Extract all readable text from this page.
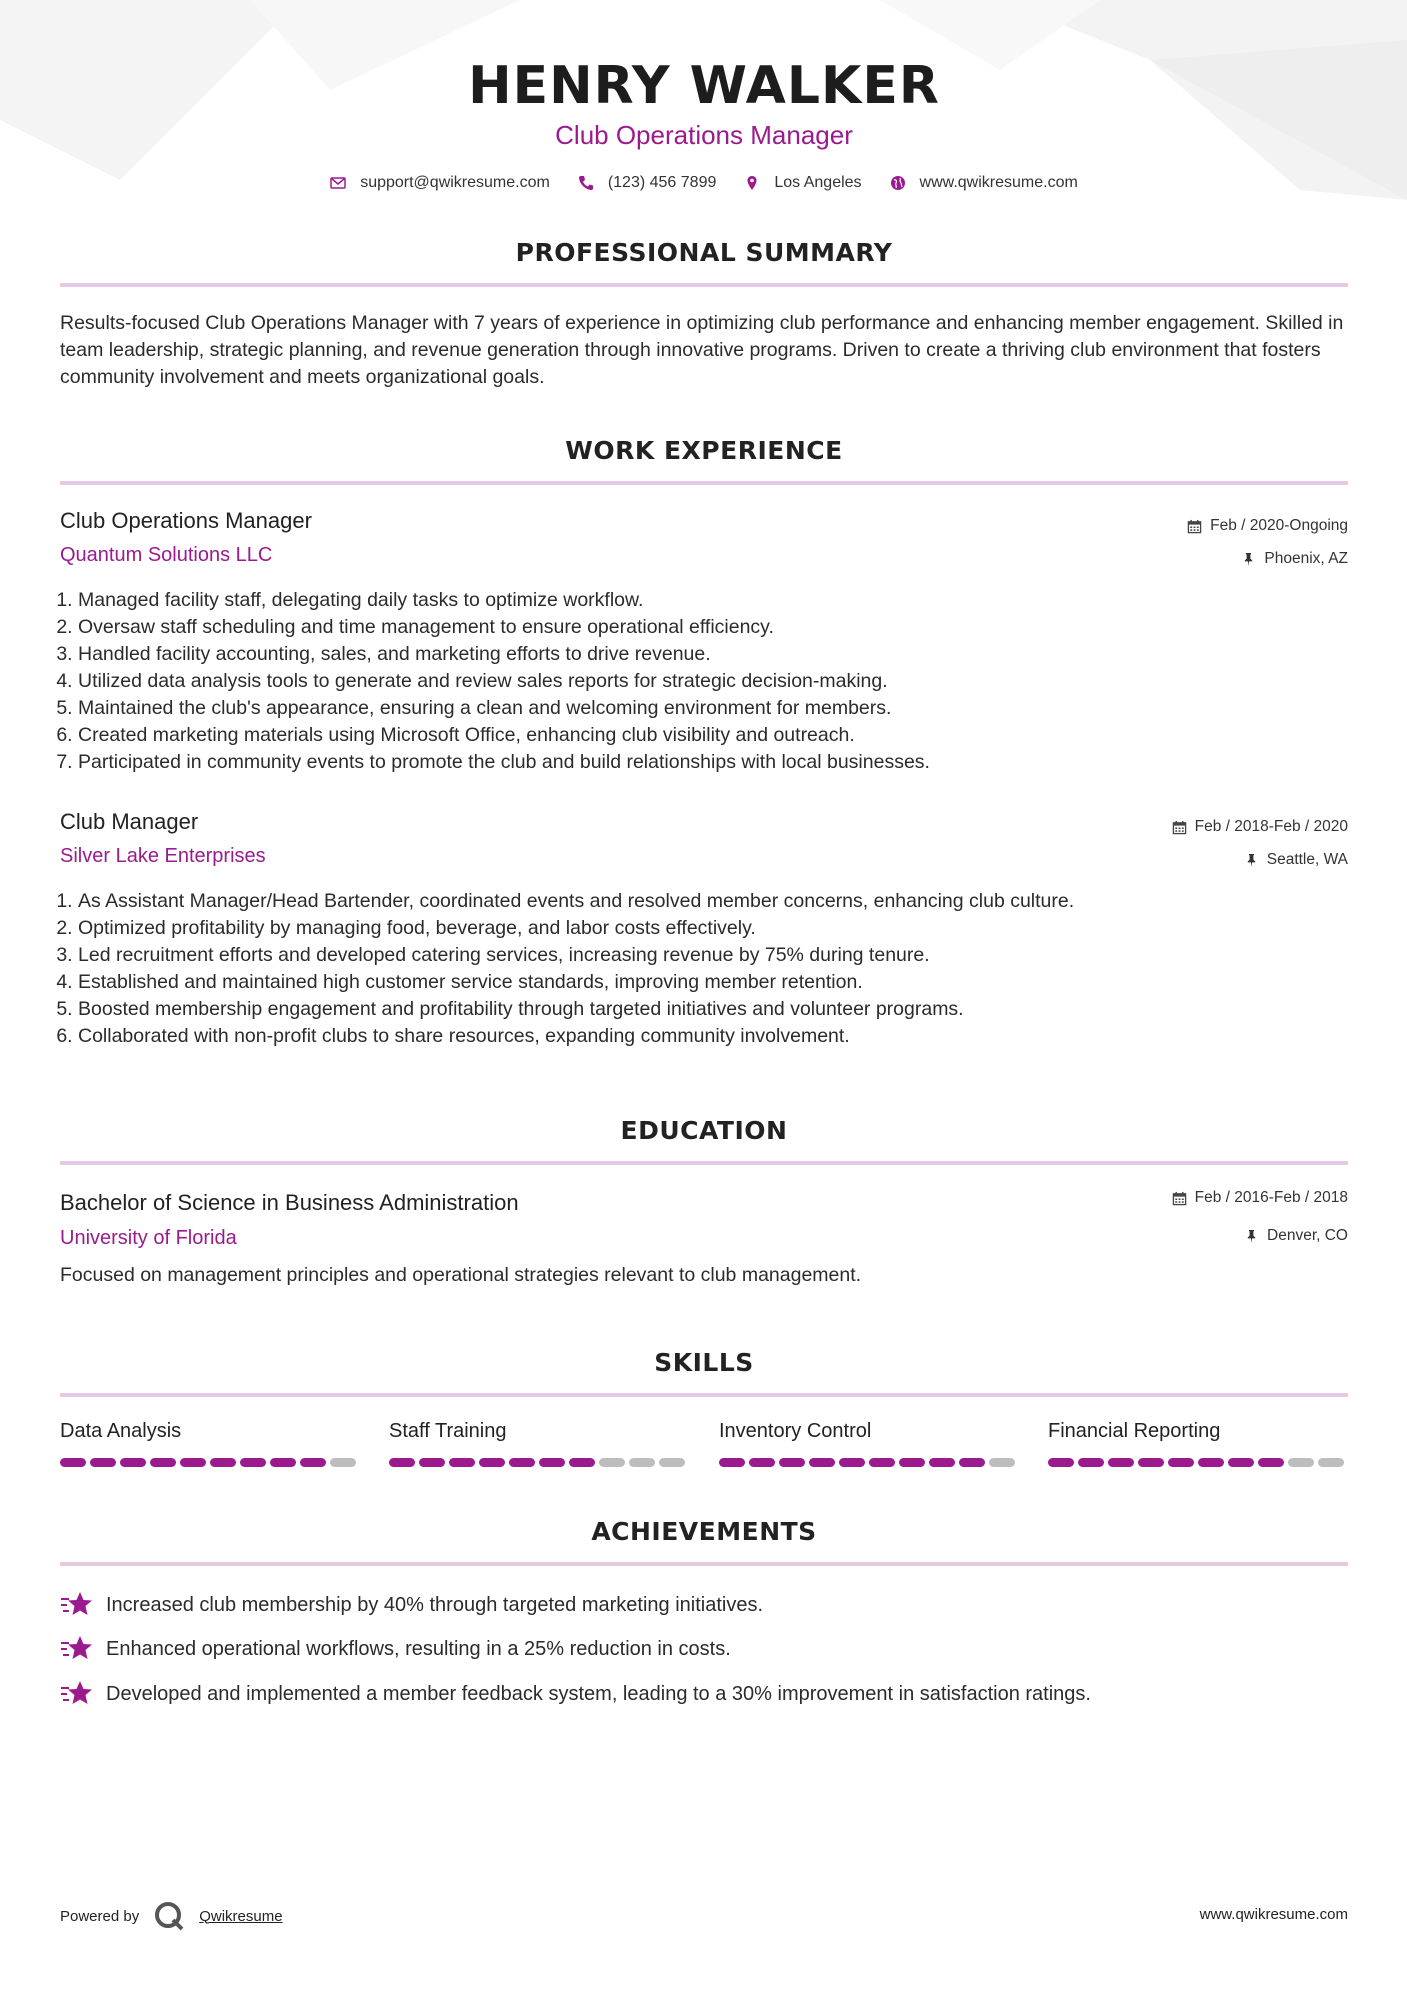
HENRY WALKER
Club Operations Manager
support@qwikresume.com	(123) 456 7899	Los Angeles	www.qwikresume.com
PROFESSIONAL SUMMARY

Results-focused Club Operations Manager with 7 years of experience in optimizing club performance and enhancing member engagement. Skilled in team leadership, strategic planning, and revenue generation through innovative programs. Driven to create a thriving club environment that fosters community involvement and meets organizational goals.

WORK EXPERIENCE
Club Operations Manager	Feb / 2020-Ongoing
Quantum Solutions LLC	Phoenix, AZ
1. Managed facility staff, delegating daily tasks to optimize workflow.
2. Oversaw staff scheduling and time management to ensure operational efficiency.
3. Handled facility accounting, sales, and marketing efforts to drive revenue.
4. Utilized data analysis tools to generate and review sales reports for strategic decision-making.
5. Maintained the club's appearance, ensuring a clean and welcoming environment for members.
6. Created marketing materials using Microsoft Office, enhancing club visibility and outreach.
7. Participated in community events to promote the club and build relationships with local businesses.
Club Manager	Feb / 2018-Feb / 2020
Silver Lake Enterprises	Seattle, WA
1. As Assistant Manager/Head Bartender, coordinated events and resolved member concerns, enhancing club culture.
2. Optimized profitability by managing food, beverage, and labor costs effectively.
3. Led recruitment efforts and developed catering services, increasing revenue by 75% during tenure.
4. Established and maintained high customer service standards, improving member retention.
5. Boosted membership engagement and profitability through targeted initiatives and volunteer programs.
6. Collaborated with non-profit clubs to share resources, expanding community involvement.
EDUCATION
Bachelor of Science in Business Administration	Feb / 2016-Feb / 2018
University of Florida	Denver, CO

Focused on management principles and operational strategies relevant to club management.

SKILLS
Data Analysis	Staff Training	Inventory Control	Financial Reporting
ACHIEVEMENTS
Increased club membership by 40% through targeted marketing initiatives.
Enhanced operational workflows, resulting in a 25% reduction in costs.
Developed and implemented a member feedback system, leading to a 30% improvement in satisfaction ratings.
Powered by	Qwikresume	www.qwikresume.com
